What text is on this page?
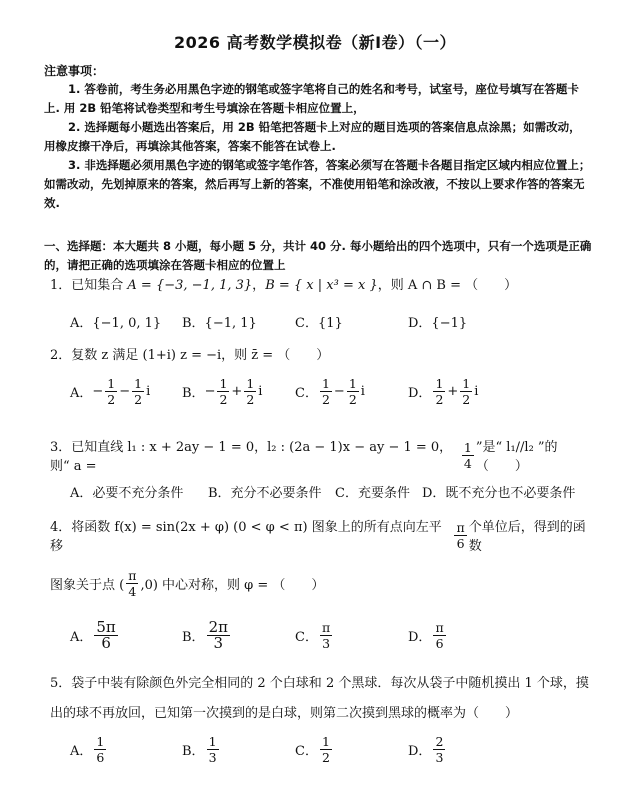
2026 高考数学模拟卷（新Ⅰ卷）（一）
注意事项：
1. 答卷前，考生务必用黑色字迹的钢笔或签字笔将自己的姓名和考号，试室号，座位号填写在答题卡上. 用 2B 铅笔将试卷类型和考生号填涂在答题卡相应位置上，
2. 选择题每小题选出答案后，用 2B 铅笔把答题卡上对应的题目选项的答案信息点涂黑；如需改动，用橡皮擦干净后，再填涂其他答案，答案不能答在试卷上.
3. 非选择题必须用黑色字迹的钢笔或签字笔作答，答案必须写在答题卡各题目指定区域内相应位置上；如需改动，先划掉原来的答案，然后再写上新的答案，不准使用铅笔和涂改液，不按以上要求作答的答案无效.
一、选择题：本大题共 8 小题，每小题 5 分，共计 40 分. 每小题给出的四个选项中，只有一个选项是正确的，请把正确的选项填涂在答题卡相应的位置上
1．已知集合 A = {−3, −1, 1, 3}，B = { x | x³ = x }，则 A ∩ B = （　　）
A．{−1, 0, 1} B．{−1, 1}	C．{1}	D．{−1}
2．复数 z 满足 (1+i) z = −i，则 z̄ = （　　）
A． − $\frac{1}{2} - \frac{1}{2}$ i B． − $\frac{1}{2} + \frac{1}{2}$ i	C． $\frac{1}{2} - \frac{1}{2}$ i	D． $\frac{1}{2} + \frac{1}{2}$ i
3．已知直线 l₁ : x + 2ay − 1 = 0，l₂ : (2a − 1)x − ay − 1 = 0，则“ a =	$\frac{1}{4}$ ”是“ l₁//l₂ ”的（　　）
A．必要不充分条件 B．充分不必要条件 C．充要条件 D．既不充分也不必要条件
4．将函数 f(x) = sin(2x + φ) (0 < φ < π) 图象上的所有点向左平移	$\frac{\pi}{6}$ 个单位后，得到的函数
图象关于点 ( $\frac{\pi}{4} ,0$) 中心对称，则 φ = （　　）
A． $\frac{5\pi}{6}$	B． $\frac{2\pi}{3}$	C． $\frac{\pi}{3}$	D． $\frac{\pi}{6}$
5．袋子中装有除颜色外完全相同的 2 个白球和 2 个黑球．每次从袋子中随机摸出 1 个球，摸
出的球不再放回，已知第一次摸到的是白球，则第二次摸到黑球的概率为（　　）
A． $\frac{1}{6}$	B． $\frac{1}{3}$	C． $\frac{1}{2}$	D． $\frac{2}{3}$
